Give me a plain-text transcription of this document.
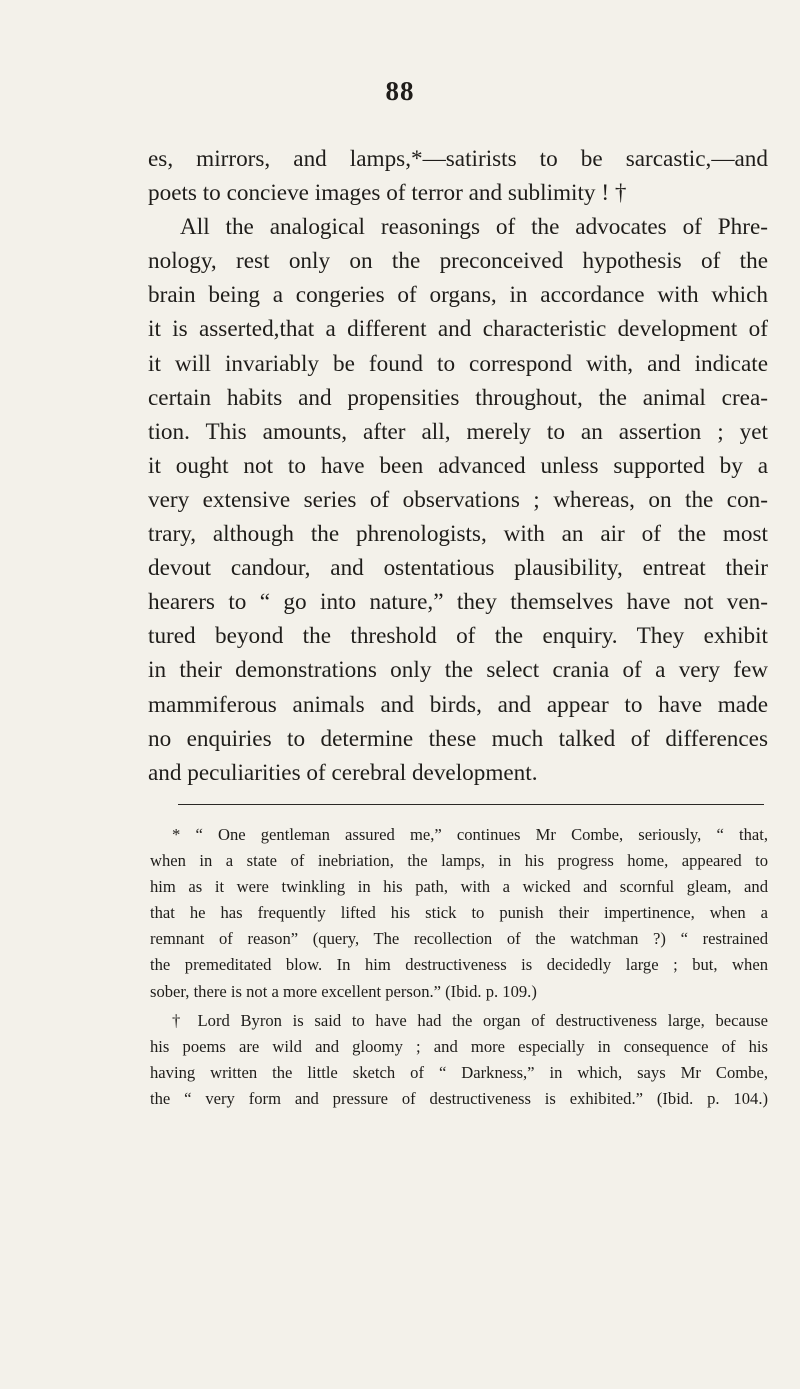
88
es, mirrors, and lamps,*—satirists to be sarcastic,—and
poets to concieve images of terror and sublimity ! †
All the analogical reasonings of the advocates of Phre-
nology, rest only on the preconceived hypothesis of the
brain being a congeries of organs, in accordance with which
it is asserted,that a different and characteristic development of
it will invariably be found to correspond with, and indicate
certain habits and propensities throughout, the animal crea-
tion. This amounts, after all, merely to an assertion ; yet
it ought not to have been advanced unless supported by a
very extensive series of observations ; whereas, on the con-
trary, although the phrenologists, with an air of the most
devout candour, and ostentatious plausibility, entreat their
hearers to “ go into nature,” they themselves have not ven-
tured beyond the threshold of the enquiry. They exhibit
in their demonstrations only the select crania of a very few
mammiferous animals and birds, and appear to have made
no enquiries to determine these much talked of differences
and peculiarities of cerebral development.
* “ One gentleman assured me,” continues Mr Combe, seriously, “ that,
when in a state of inebriation, the lamps, in his progress home, appeared to
him as it were twinkling in his path, with a wicked and scornful gleam, and
that he has frequently lifted his stick to punish their impertinence, when a
remnant of reason” (query, The recollection of the watchman ?) “ restrained
the premeditated blow. In him destructiveness is decidedly large ; but, when
sober, there is not a more excellent person.” (Ibid. p. 109.)
† Lord Byron is said to have had the organ of destructiveness large, because
his poems are wild and gloomy ; and more especially in consequence of his
having written the little sketch of “ Darkness,” in which, says Mr Combe,
the “ very form and pressure of destructiveness is exhibited.” (Ibid. p. 104.)
